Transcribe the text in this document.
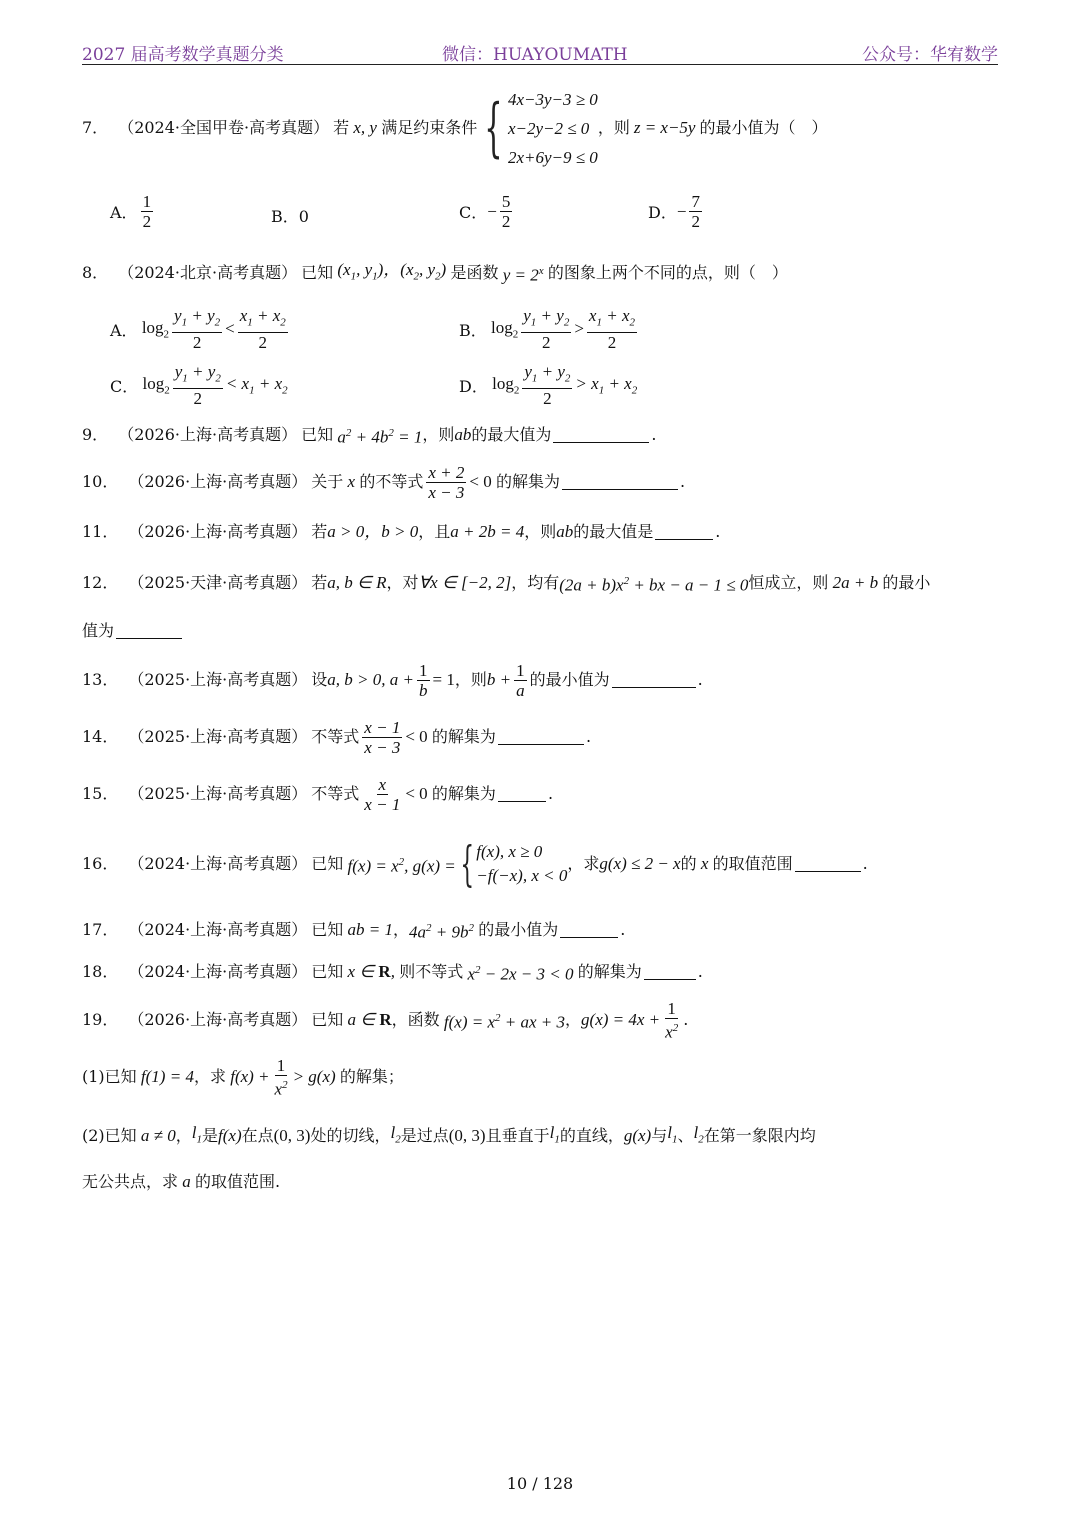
2027 届高考数学真题分类	微信：HUAYOUMATH	公众号：华宥数学
7． （2024·全国甲卷·高考真题） 若 x, y 满足约束条件 { 4x−3y−3 ≥ 0
x−2y−2 ≤ 0
2x+6y−9 ≤ 0
，则 z = x−5y 的最小值为（　）
A． $\frac{1}{2}$	B．0	C． − $\frac{5}{2}$	D． − $\frac{7}{2}$
8． （2024·北京·高考真题） 已知 ($x_1$, $y_1$)，($x_2$, $y_2$) 是函数 $y = 2^x$ 的图象上两个不同的点，则（　）
A． $\log_2 \frac{y_1 + y_2}{2} < \frac{x_1 + x_2}{2}$	B． $\log_2 \frac{y_1 + y_2}{2} > \frac{x_1 + x_2}{2}$
C． $\log_2 \frac{y_1 + y_2}{2} < x_1 + x_2$	D． $\log_2 \frac{y_1 + y_2}{2} > x_1 + x_2$
9． （2026·上海·高考真题） 已知 $a^2 + 4b^2 = 1$ ，则 ab 的最大值为	.
10． （2026·上海·高考真题） 关于 x 的不等式 $\frac{x + 2}{x - 3} < 0$ 的解集为	.
11． （2026·上海·高考真题） 若 a > 0，b > 0 ，且 a + 2b = 4 ，则 ab 的最大值是	.
12． （2025·天津·高考真题） 若 a, b ∈ R ，对 ∀x ∈ [−2, 2] ，均有 $(2a + b)x^2$ + bx − a − 1 ≤ 0 恒成立，则 2a + b 的最小
值为
13． （2025·上海·高考真题） 设 a, b > 0, $a + \frac{1}{b} = 1$ ，则 $b + \frac{1}{a}$ 的最小值为	.
14． （2025·上海·高考真题） 不等式 $\frac{x - 1}{x - 3} < 0$ 的解集为	.
15． （2025·上海·高考真题） 不等式 $\frac{x}{x - 1} < 0$ 的解集为	.
16． （2024·上海·高考真题） 已知 $f(x) = x^2$, g(x) = { f(x), x ≥ 0
−f(−x), x < 0
，求 g(x) ≤ 2 − x 的 x 的取值范围	.
17． （2024·上海·高考真题） 已知 ab = 1 ， $4a^2 + 9b^2$ 的最小值为	.
18． （2024·上海·高考真题） 已知 x ∈ R, 则不等式 $x^2 - 2x - 3 < 0$ 的解集为	.
19． （2026·上海·高考真题） 已知 a ∈ R ，函数 $f(x) = x^2$ + ax + 3 ， $g(x) = 4x + \frac{1}{x^2}$ .
(1)已知 f(1) = 4 ，求 $f(x) + \frac{1}{x^2} > g(x)$ 的解集；
(2)已知 a ≠ 0 ， $l_1$ 是 f(x) 在点 (0, 3) 处的切线， $l_2$ 是过点 (0, 3) 且垂直于 $l_1$ 的直线， g(x) 与 $l_1$ 、 $l_2$ 在第一象限内均
无公共点，求 a 的取值范围.
10 / 128
